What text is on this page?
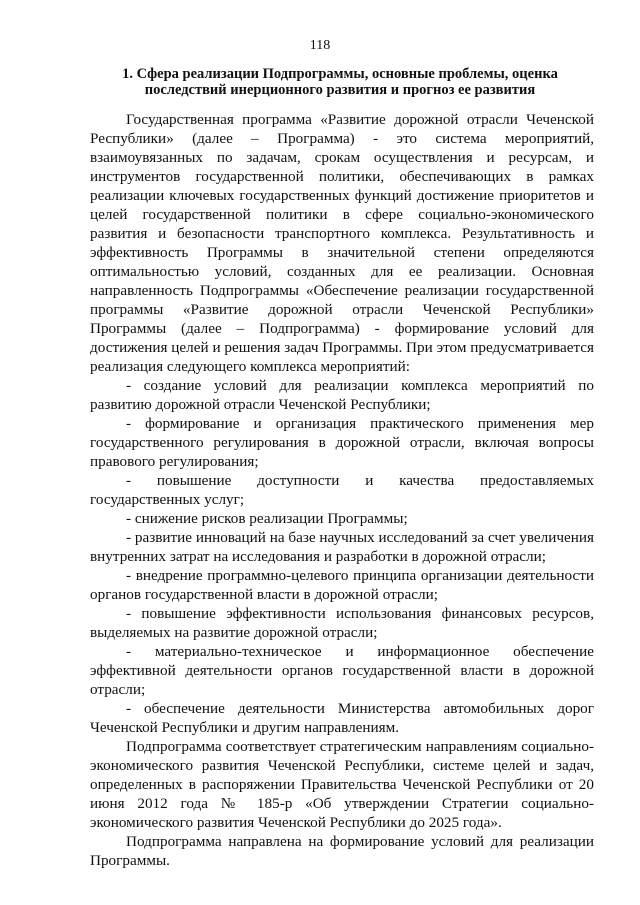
118
1. Сфера реализации Подпрограммы, основные проблемы, оценка последствий инерционного развития и прогноз ее развития

Государственная программа «Развитие дорожной отрасли Чеченской Республики» (далее – Программа) - это система мероприятий, взаимоувязанных по задачам, срокам осуществления и ресурсам, и инструментов государственной политики, обеспечивающих в рамках реализации ключевых государственных функций достижение приоритетов и целей государственной политики в сфере социально-экономического развития и безопасности транспортного комплекса. Результативность и эффективность Программы в значительной степени определяются оптимальностью условий, созданных для ее реализации. Основная направленность Подпрограммы «Обеспечение реализации государственной программы «Развитие дорожной отрасли Чеченской Республики» Программы (далее – Подпрограмма) - формирование условий для достижения целей и решения задач Программы. При этом предусматривается реализация следующего комплекса мероприятий:

- создание условий для реализации комплекса мероприятий по развитию дорожной отрасли Чеченской Республики;
- формирование и организация практического применения мер государственного регулирования в дорожной отрасли, включая вопросы правового регулирования;
- повышение доступности и качества предоставляемых государственных услуг;
- снижение рисков реализации Программы;
- развитие инноваций на базе научных исследований за счет увеличения внутренних затрат на исследования и разработки в дорожной отрасли;
- внедрение программно-целевого принципа организации деятельности органов государственной власти в дорожной отрасли;
- повышение эффективности использования финансовых ресурсов, выделяемых на развитие дорожной отрасли;
- материально-техническое и информационное обеспечение эффективной деятельности органов государственной власти в дорожной отрасли;
- обеспечение деятельности Министерства автомобильных дорог Чеченской Республики и другим направлениям.

Подпрограмма соответствует стратегическим направлениям социально-экономического развития Чеченской Республики, системе целей и задач, определенных в распоряжении Правительства Чеченской Республики от 20 июня 2012 года № 185-р «Об утверждении Стратегии социально-экономического развития Чеченской Республики до 2025 года».

Подпрограмма направлена на формирование условий для реализации Программы.
